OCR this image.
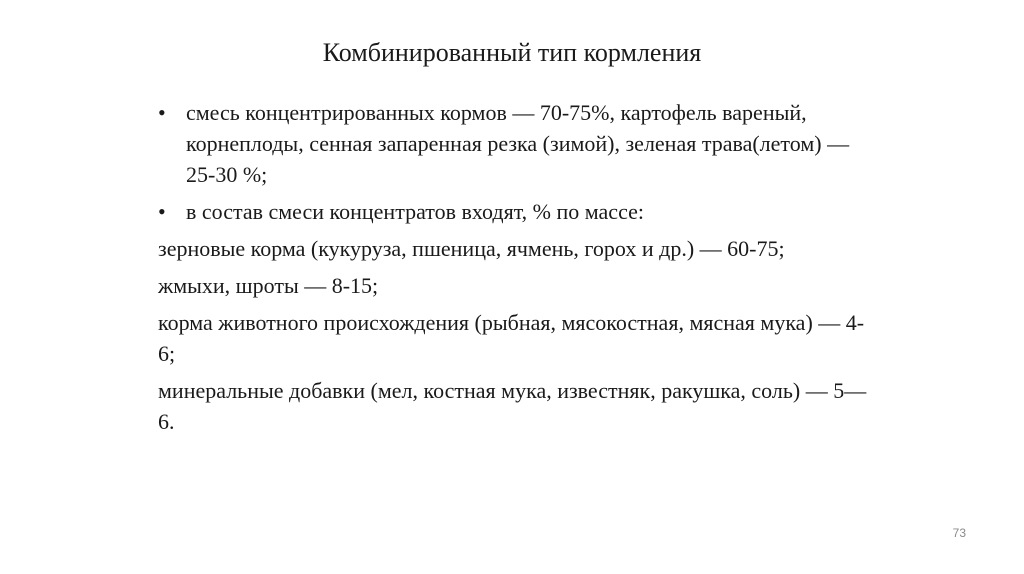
Комбинированный тип кормления
• смесь концентрированных кормов — 70-75%, картофель вареный, корнеплоды, сенная запаренная резка (зимой), зеленая трава(летом) — 25-30 %;
• в состав смеси концентратов входят, % по массе:
зерновые корма (кукуруза, пшеница, ячмень, горох и др.) — 60-75;
жмыхи, шроты — 8-15;
корма животного происхождения (рыбная, мясокостная, мясная мука) — 4-6;
минеральные добавки (мел, костная мука, известняк, ракушка, соль) — 5—6.
73
